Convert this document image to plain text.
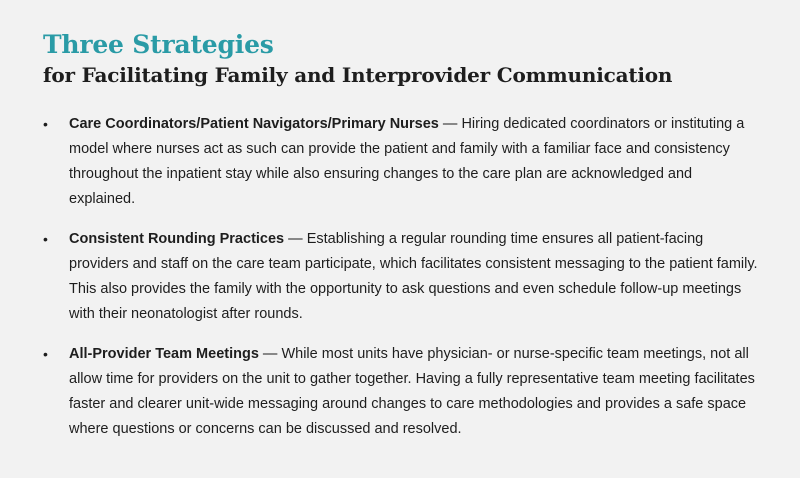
Three Strategies
for Facilitating Family and Interprovider Communication
• Care Coordinators/Patient Navigators/Primary Nurses — Hiring dedicated coordinators or instituting a model where nurses act as such can provide the patient and family with a familiar face and consistency throughout the inpatient stay while also ensuring changes to the care plan are acknowledged and explained.
• Consistent Rounding Practices — Establishing a regular rounding time ensures all patient-facing providers and staff on the care team participate, which facilitates consistent messaging to the patient family. This also provides the family with the opportunity to ask questions and even schedule follow-up meetings with their neonatologist after rounds.
• All-Provider Team Meetings — While most units have physician- or nurse-specific team meetings, not all allow time for providers on the unit to gather together. Having a fully representative team meeting facilitates faster and clearer unit-wide messaging around changes to care methodologies and provides a safe space where questions or concerns can be discussed and resolved.
